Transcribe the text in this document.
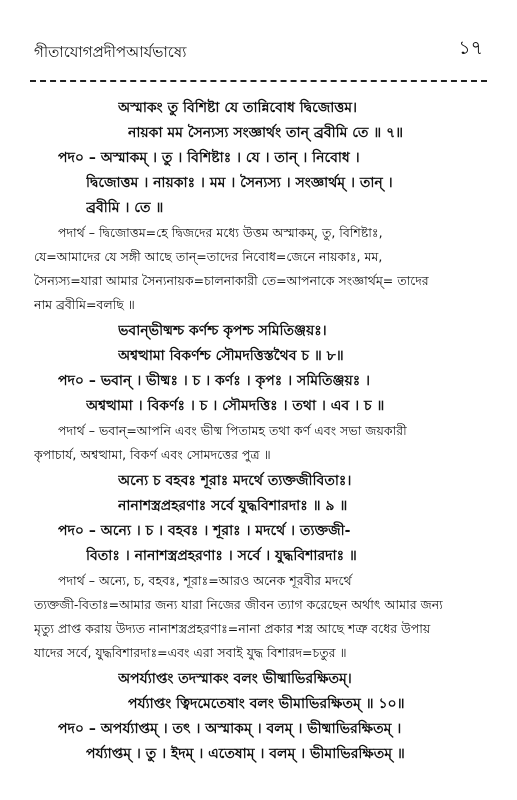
গীতাযোগপ্রদীপআর্যভাষ্যে	১৭
অস্মাকং তু বিশিষ্টা যে তান্নিবোধ দ্বিজোত্তম।
নায়কা মম সৈন্যস্য সংজ্ঞার্থং তান্ ব্রবীমি তে ॥ ৭॥
পদ০ – অস্মাকম্ । তু । বিশিষ্টাঃ । যে । তান্ । নিবোধ ।
দ্বিজোত্তম । নায়কাঃ । মম । সৈন্যস্য । সংজ্ঞার্থম্ । তান্ ।
ব্রবীমি । তে ॥
পদার্থ – দ্বিজোত্তম=হে দ্বিজদের মধ্যে উত্তম অস্মাকম্, তু, বিশিষ্টাঃ,
যে=আমাদের যে সঙ্গী আছে তান্=তাদের নিবোধ=জেনে নায়কাঃ, মম,
সৈন্যস্য=যারা আমার সৈন্যনায়ক=চালনাকারী তে=আপনাকে সংজ্ঞার্থম্= তাদের
নাম ব্রবীমি=বলছি ॥
ভবান্ভীষ্মশ্চ কর্ণশ্চ কৃপশ্চ সমিতিঞ্জয়ঃ।
অশ্বত্থামা বিকর্ণশ্চ সৌমদত্তিস্তথৈব চ ॥ ৮॥
পদ০ – ভবান্ । ভীষ্মঃ । চ । কর্ণঃ । কৃপঃ । সমিতিঞ্জয়ঃ ।
অশ্বত্থামা । বিকর্ণঃ । চ । সৌমদত্তিঃ । তথা । এব । চ ॥
পদার্থ – ভবান্=আপনি এবং ভীষ্ম পিতামহ তথা কর্ণ এবং সভা জয়কারী
কৃপাচার্য, অশ্বত্থামা, বিকর্ণ এবং সোমদত্তের পুত্র ॥
অন্যে চ বহবঃ শূরাঃ মদর্থে ত্যক্তজীবিতাঃ।
নানাশস্ত্রপ্রহরণাঃ সর্বে যুদ্ধবিশারদাঃ ॥ ৯ ॥
পদ০ – অন্যে । চ । বহবঃ । শূরাঃ । মদর্থে । ত্যক্তজী-
বিতাঃ । নানাশস্ত্রপ্রহরণাঃ । সর্বে । যুদ্ধবিশারদাঃ ॥
পদার্থ – অন্যে, চ, বহবঃ, শূরাঃ=আরও অনেক শূরবীর মদর্থে
ত্যক্তজী-বিতাঃ=আমার জন্য যারা নিজের জীবন ত্যাগ করেছেন অর্থাৎ আমার জন্য
মৃত্যু প্রাপ্ত করায় উদ্যত নানাশস্ত্রপ্রহরণাঃ=নানা প্রকার শস্ত্র আছে শত্রু বধের উপায়
যাদের সর্বে, যুদ্ধবিশারদাঃ=এবং এরা সবাই যুদ্ধ বিশারদ=চতুর ॥
অপর্য্যাপ্তং তদস্মাকং বলং ভীষ্মাভিরক্ষিতম্।
পর্য্যাপ্তং ত্বিদমেতেষাং বলং ভীমাভিরক্ষিতম্ ॥ ১০॥
পদ০ – অপর্য্যাপ্তম্ । তৎ । অস্মাকম্ । বলম্ । ভীষ্মাভিরক্ষিতম্ ।
পর্য্যাপ্তম্ । তু । ইদম্ । এতেষাম্ । বলম্ । ভীমাভিরক্ষিতম্ ॥
